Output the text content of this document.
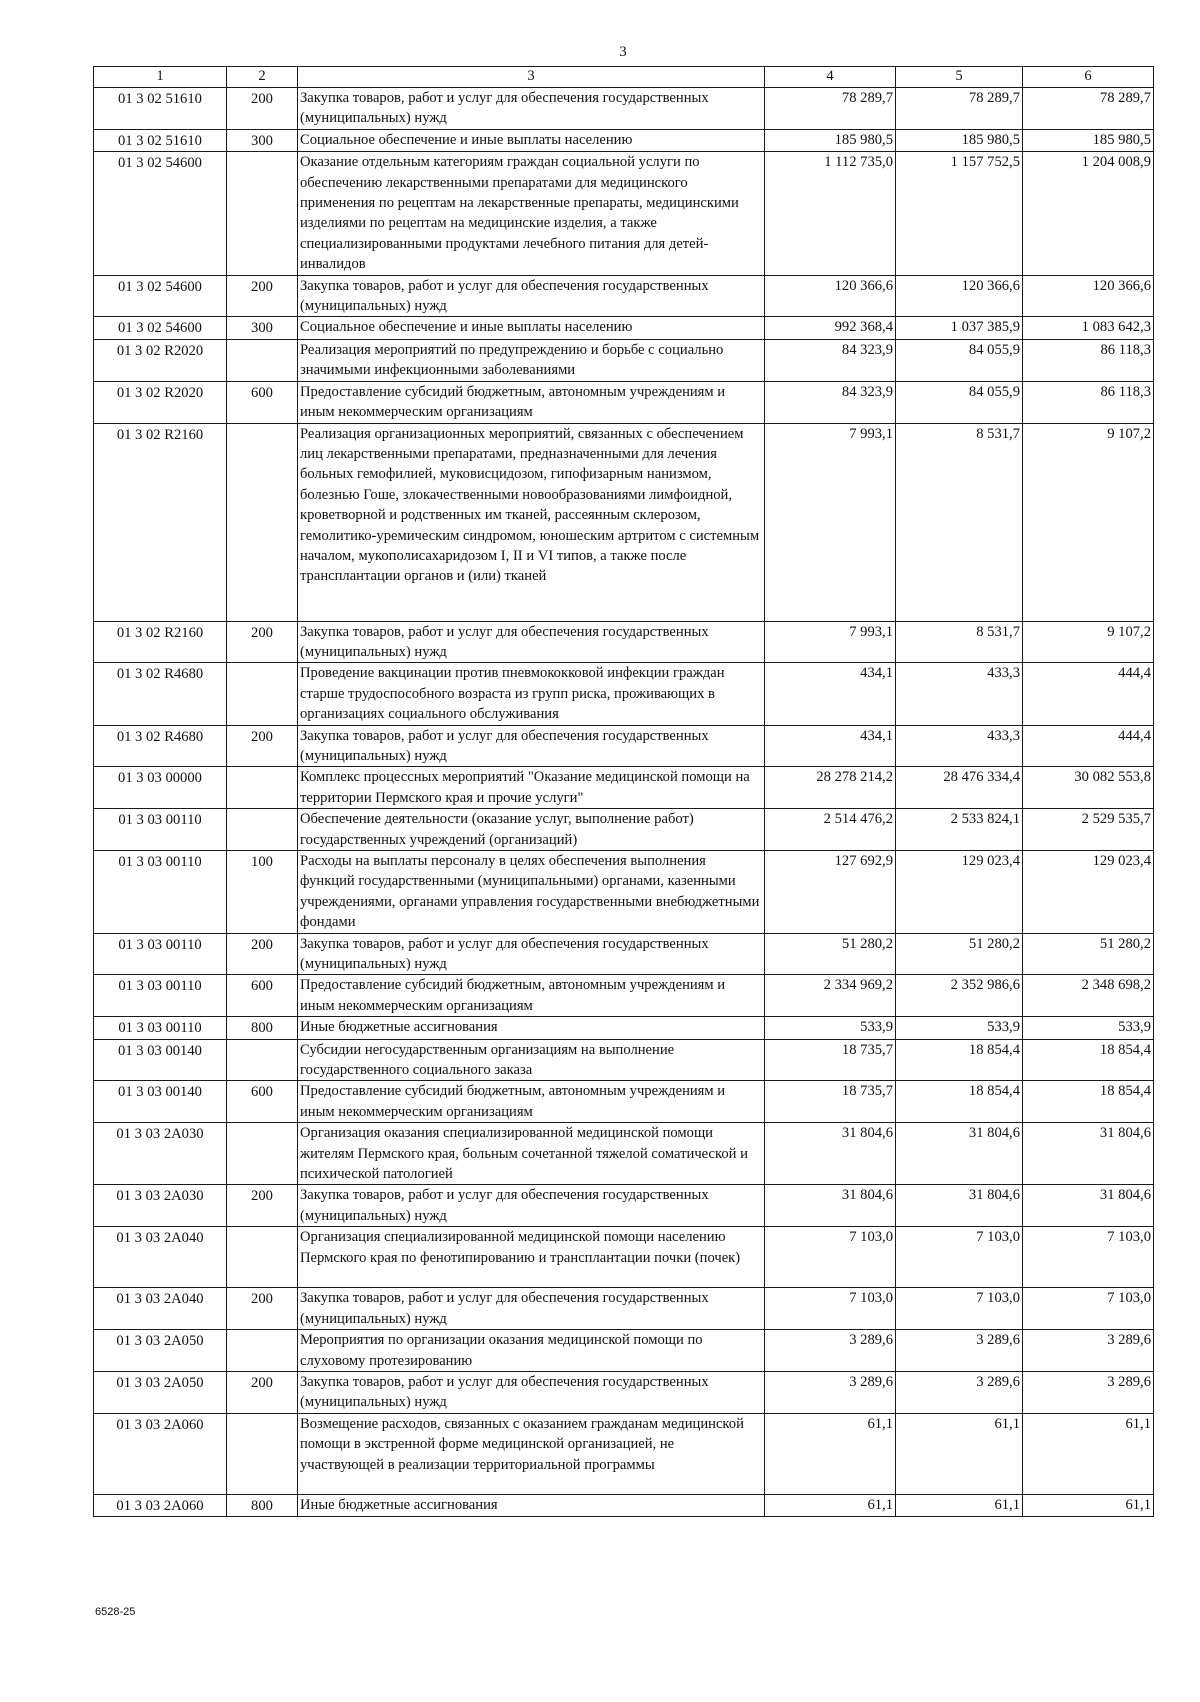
3
1	2	3	4	5	6
01 3 02 51610	200	Закупка товаров, работ и услуг для обеспечения государственных (муниципальных) нужд	78 289,7	78 289,7	78 289,7
01 3 02 51610	300	Социальное обеспечение и иные выплаты населению	185 980,5	185 980,5	185 980,5
01 3 02 54600		Оказание отдельным категориям граждан социальной услуги по обеспечению лекарственными препаратами для медицинского применения по рецептам на лекарственные препараты, медицинскими изделиями по рецептам на медицинские изделия, а также специализированными продуктами лечебного питания для детей-инвалидов	1 112 735,0	1 157 752,5	1 204 008,9
01 3 02 54600	200	Закупка товаров, работ и услуг для обеспечения государственных (муниципальных) нужд	120 366,6	120 366,6	120 366,6
01 3 02 54600	300	Социальное обеспечение и иные выплаты населению	992 368,4	1 037 385,9	1 083 642,3
01 3 02 R2020		Реализация мероприятий по предупреждению и борьбе с социально значимыми инфекционными заболеваниями	84 323,9	84 055,9	86 118,3
01 3 02 R2020	600	Предоставление субсидий бюджетным, автономным учреждениям и иным некоммерческим организациям	84 323,9	84 055,9	86 118,3
01 3 02 R2160		Реализация организационных мероприятий, связанных с обеспечением лиц лекарственными препаратами, предназначенными для лечения больных гемофилией, муковисцидозом, гипофизарным нанизмом, болезнью Гоше, злокачественными новообразованиями лимфоидной, кроветворной и родственных им тканей, рассеянным склерозом, гемолитико-уремическим синдромом, юношеским артритом с системным началом, мукополисахаридозом I, II и VI типов, а также после трансплантации органов и (или) тканей	7 993,1	8 531,7	9 107,2
01 3 02 R2160	200	Закупка товаров, работ и услуг для обеспечения государственных (муниципальных) нужд	7 993,1	8 531,7	9 107,2
01 3 02 R4680		Проведение вакцинации против пневмококковой инфекции граждан старше трудоспособного возраста из групп риска, проживающих в организациях социального обслуживания	434,1	433,3	444,4
01 3 02 R4680	200	Закупка товаров, работ и услуг для обеспечения государственных (муниципальных) нужд	434,1	433,3	444,4
01 3 03 00000		Комплекс процессных мероприятий "Оказание медицинской помощи на территории Пермского края и прочие услуги"	28 278 214,2	28 476 334,4	30 082 553,8
01 3 03 00110		Обеспечение деятельности (оказание услуг, выполнение работ) государственных учреждений (организаций)	2 514 476,2	2 533 824,1	2 529 535,7
01 3 03 00110	100	Расходы на выплаты персоналу в целях обеспечения выполнения функций государственными (муниципальными) органами, казенными учреждениями, органами управления государственными внебюджетными фондами	127 692,9	129 023,4	129 023,4
01 3 03 00110	200	Закупка товаров, работ и услуг для обеспечения государственных (муниципальных) нужд	51 280,2	51 280,2	51 280,2
01 3 03 00110	600	Предоставление субсидий бюджетным, автономным учреждениям и иным некоммерческим организациям	2 334 969,2	2 352 986,6	2 348 698,2
01 3 03 00110	800	Иные бюджетные ассигнования	533,9	533,9	533,9
01 3 03 00140		Субсидии негосударственным организациям на выполнение государственного социального заказа	18 735,7	18 854,4	18 854,4
01 3 03 00140	600	Предоставление субсидий бюджетным, автономным учреждениям и иным некоммерческим организациям	18 735,7	18 854,4	18 854,4
01 3 03 2А030		Организация оказания специализированной медицинской помощи жителям Пермского края, больным сочетанной тяжелой соматической и психической патологией	31 804,6	31 804,6	31 804,6
01 3 03 2А030	200	Закупка товаров, работ и услуг для обеспечения государственных (муниципальных) нужд	31 804,6	31 804,6	31 804,6
01 3 03 2А040		Организация специализированной медицинской помощи населению Пермского края по фенотипированию и трансплантации почки (почек)	7 103,0	7 103,0	7 103,0
01 3 03 2А040	200	Закупка товаров, работ и услуг для обеспечения государственных (муниципальных) нужд	7 103,0	7 103,0	7 103,0
01 3 03 2А050		Мероприятия по организации оказания медицинской помощи по слуховому протезированию	3 289,6	3 289,6	3 289,6
01 3 03 2А050	200	Закупка товаров, работ и услуг для обеспечения государственных (муниципальных) нужд	3 289,6	3 289,6	3 289,6
01 3 03 2А060		Возмещение расходов, связанных с оказанием гражданам медицинской помощи в экстренной форме медицинской организацией, не участвующей в реализации территориальной программы	61,1	61,1	61,1
01 3 03 2А060	800	Иные бюджетные ассигнования	61,1	61,1	61,1
6528-25
